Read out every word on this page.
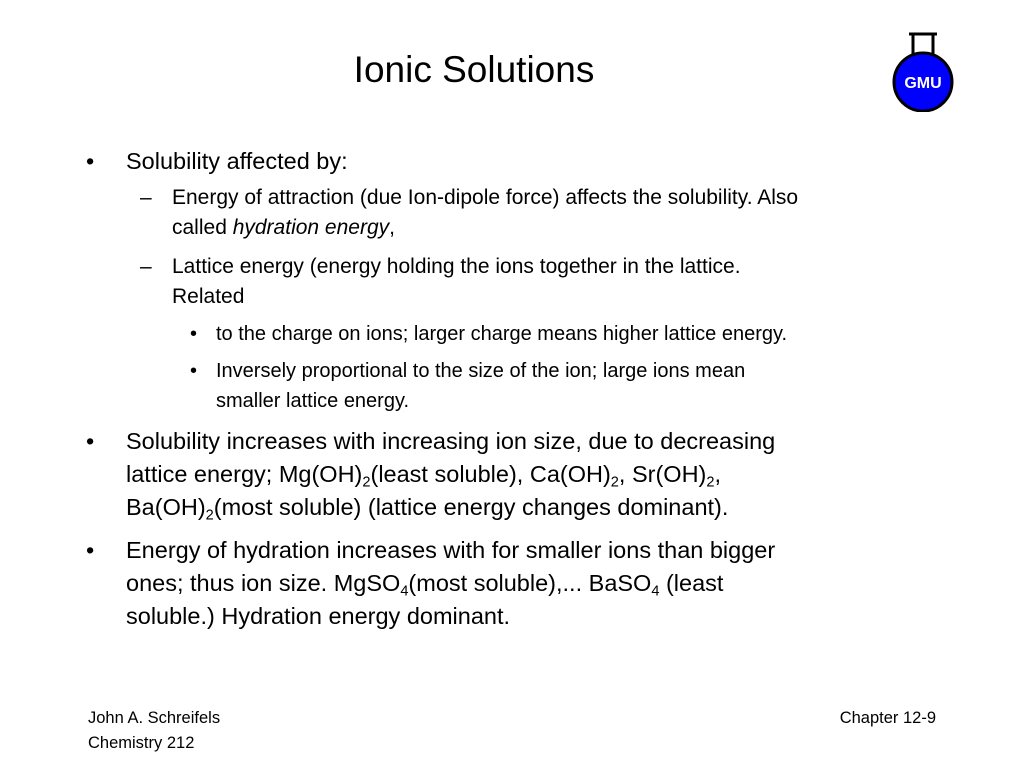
Ionic Solutions	GMU
• Solubility affected by:
– Energy of attraction (due Ion-dipole force) affects the solubility. Also
called hydration energy,
– Lattice energy (energy holding the ions together in the lattice.
Related
• to the charge on ions; larger charge means higher lattice energy.
• Inversely proportional to the size of the ion; large ions mean
smaller lattice energy.
• Solubility increases with increasing ion size, due to decreasing
lattice energy; $Mg(OH)_2(least$ soluble), $Ca(OH)_2$, $Sr(OH)_2$,
$Ba(OH)_2(most$ soluble) (lattice energy changes dominant).
• Energy of hydration increases with for smaller ions than bigger
ones; thus ion size. MgSO$_4$(most soluble),... BaSO$_4$ (least
soluble.) Hydration energy dominant.
John A. Schreifels
Chemistry 212
Chapter 12-9
